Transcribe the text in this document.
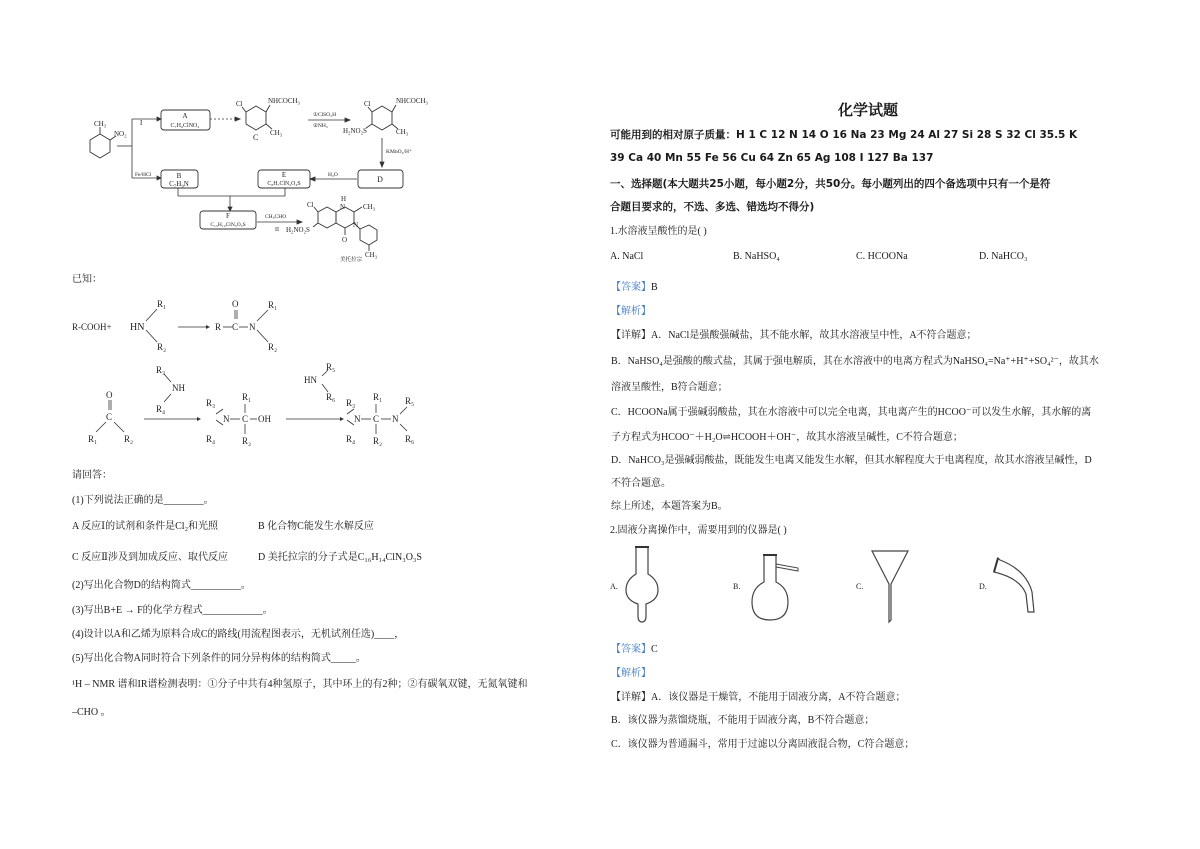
CH₃
NO₂
I
Fe/HCl
A
C₇H₆ClNO₂
B
C₇H₉N
Cl	NHCOCH₃
CH₃
C
①ClSO₃H
②NH₃
Cl	NHCOCH₃
CH₃
H₂NO₂S
KMnO₄/H⁺
D
H₂O
E
C₈H₇ClN₂O₄S
F
C₁₅H₁₄ClN₃O₃S
CH₃CHO
II
Cl
H
N	CH₃
N
H₂NO₂S
O
CH₃
美托拉宗
已知：
R-COOH+ HN
R₁
R₂
O
R C N
R₁
R₂
O
C
R₁	R₂
R₃
NH
R₄
R₃
N
R₁
C OH
R₄	R₂
HN
R₅
R₆
R₃
N
R₁
C N
R₅
R₄ R₂	R₆
请回答：
(1)下列说法正确的是________。
A 反应Ⅰ的试剂和条件是Cl₂和光照	B 化合物C能发生水解反应
C 反应Ⅱ涉及到加成反应、取代反应	D 美托拉宗的分子式是C₁₆H₁₄ClN₃O₃S
(2)写出化合物D的结构简式__________。
(3)写出B+E → F的化学方程式____________。
(4)设计以A和乙烯为原料合成C的路线(用流程图表示，无机试剂任选)____，
(5)写出化合物A同时符合下列条件的同分异构体的结构简式_____。
¹H – NMR 谱和IR谱检测表明：①分子中共有4种氢原子，其中环上的有2种；②有碳氧双键，无氮氧键和
–CHO 。
化学试题
可能用到的相对原子质量：H 1 C 12 N 14 O 16 Na 23 Mg 24 Al 27 Si 28 S 32 Cl 35.5 K
39 Ca 40 Mn 55 Fe 56 Cu 64 Zn 65 Ag 108 I 127 Ba 137
一、选择题(本大题共25小题，每小题2分，共50分。每小题列出的四个备选项中只有一个是符
合题目要求的，不选、多选、错选均不得分)
1.水溶液呈酸性的是( )
A. NaCl	B. NaHSO₄	C. HCOONa	D. NaHCO₃
【答案】B
【解析】
【详解】A．NaCl是强酸强碱盐，其不能水解，故其水溶液呈中性，A不符合题意；
B．NaHSO₄是强酸的酸式盐，其属于强电解质，其在水溶液中的电离方程式为NaHSO₄=Na⁺+H⁺+SO₄²⁻，故其水
溶液呈酸性，B符合题意；
C．HCOONa属于强碱弱酸盐，其在水溶液中可以完全电离，其电离产生的HCOO⁻可以发生水解，其水解的离
子方程式为HCOO⁻＋H₂O⇌HCOOH＋OH⁻，故其水溶液呈碱性，C不符合题意；
D．NaHCO₃是强碱弱酸盐，既能发生电离又能发生水解，但其水解程度大于电离程度，故其水溶液呈碱性，D
不符合题意。
综上所述，本题答案为B。
2.固液分离操作中，需要用到的仪器是( )
A.	B.	C.	D.
【答案】C
【解析】
【详解】A．该仪器是干燥管，不能用于固液分离，A不符合题意；
B．该仪器为蒸馏烧瓶，不能用于固液分离，B不符合题意；
C．该仪器为普通漏斗，常用于过滤以分离固液混合物，C符合题意；
